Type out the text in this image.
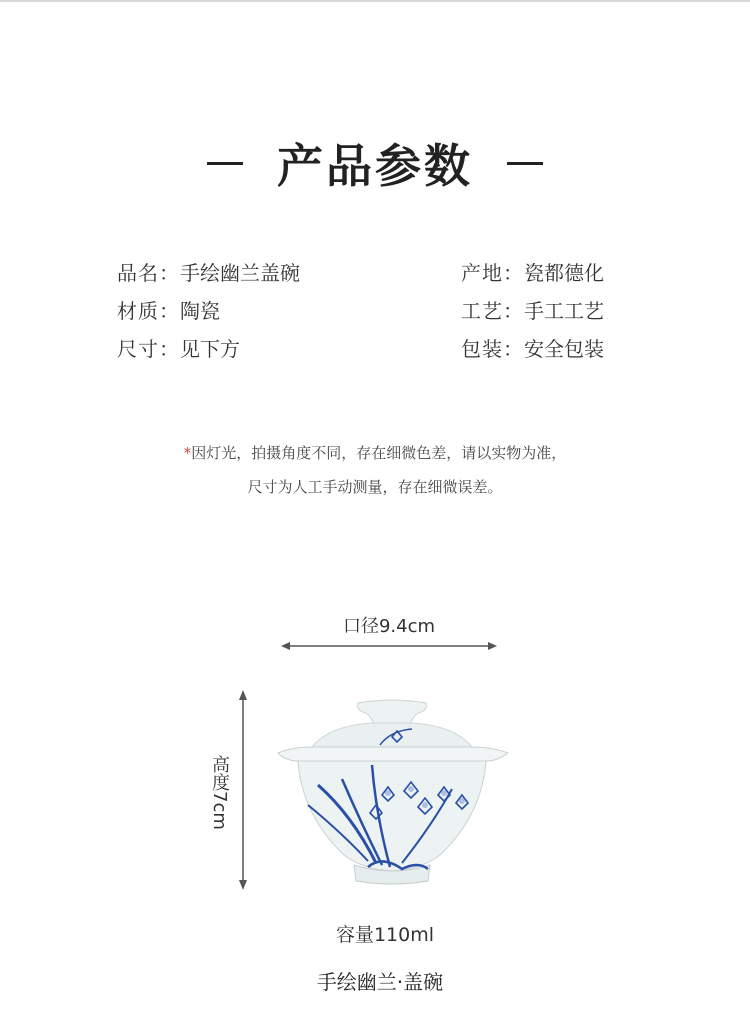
产品参数
品名：手绘幽兰盖碗	产地：瓷都德化
材质：陶瓷	工艺：手工工艺
尺寸：见下方	包装：安全包装
*因灯光，拍摄角度不同，存在细微色差，请以实物为准，
尺寸为人工手动测量，存在细微误差。
口径9.4cm
高度7cm
容量110ml
手绘幽兰·盖碗
